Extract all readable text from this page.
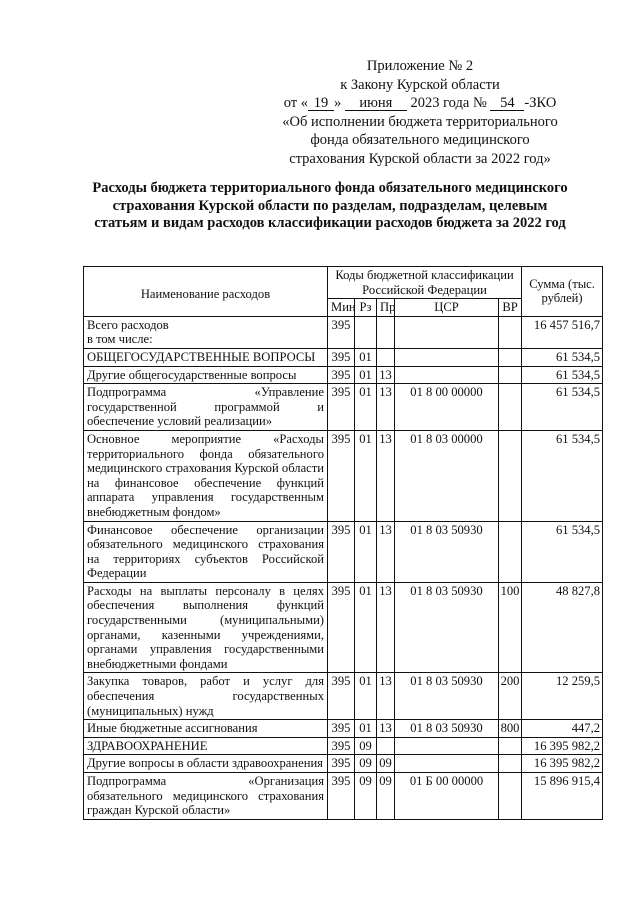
Приложение № 2
к Закону Курской области
от « 19 » июня 2023 года № 54 -ЗКО
«Об исполнении бюджета территориального
фонда обязательного медицинского
страхования Курской области за 2022 год»
Расходы бюджета территориального фонда обязательного медицинского страхования Курской области по разделам, подразделам, целевым статьям и видам расходов классификации расходов бюджета за 2022 год
Наименование расходов	Коды бюджетной классификации Российской Федерации					Сумма (тыс. рублей)
	Мин	Рз	Пр	ЦСР	ВР	
Всего расходов
в том числе:	395					16 457 516,7
ОБЩЕГОСУДАРСТВЕННЫЕ ВОПРОСЫ	395	01				61 534,5
Другие общегосударственные вопросы	395	01	13			61 534,5
Подпрограмма «Управление государственной программой и обеспечение условий реализации»	395	01	13	01 8 00 00000		61 534,5
Основное мероприятие «Расходы территориального фонда обязательного медицинского страхования Курской области на финансовое обеспечение функций аппарата управления государственным внебюджетным фондом»	395	01	13	01 8 03 00000		61 534,5
Финансовое обеспечение организации обязательного медицинского страхования на территориях субъектов Российской Федерации	395	01	13	01 8 03 50930		61 534,5
Расходы на выплаты персоналу в целях обеспечения выполнения функций государственными (муниципальными) органами, казенными учреждениями, органами управления государственными внебюджетными фондами	395	01	13	01 8 03 50930	100	48 827,8
Закупка товаров, работ и услуг для обеспечения государственных (муниципальных) нужд	395	01	13	01 8 03 50930	200	12 259,5
Иные бюджетные ассигнования	395	01	13	01 8 03 50930	800	447,2
ЗДРАВООХРАНЕНИЕ	395	09				16 395 982,2
Другие вопросы в области здравоохранения	395	09	09			16 395 982,2
Подпрограмма «Организация обязательного медицинского страхования граждан Курской области»	395	09	09	01 Б 00 00000		15 896 915,4
